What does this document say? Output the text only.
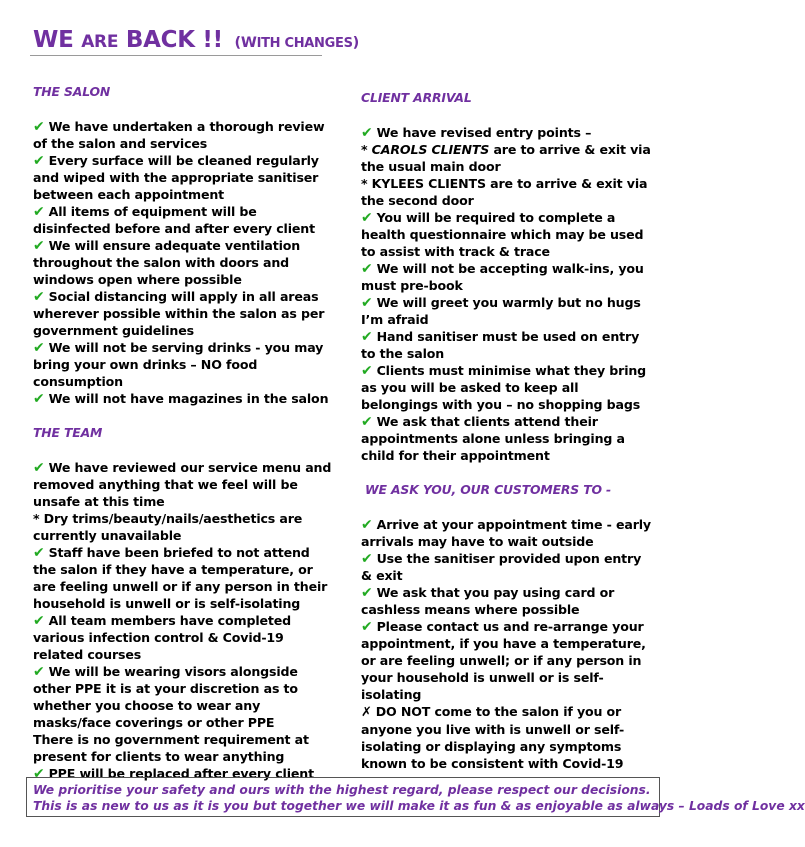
WE ARE BACK !! (WITH CHANGES)
THE SALON

✔ We have undertaken a thorough review of the salon and services

✔ Every surface will be cleaned regularly and wiped with the appropriate sanitiser between each appointment

✔ All items of equipment will be disinfected before and after every client

✔ We will ensure adequate ventilation throughout the salon with doors and windows open where possible

✔ Social distancing will apply in all areas wherever possible within the salon as per government guidelines

✔ We will not be serving drinks - you may bring your own drinks – NO food consumption

✔ We will not have magazines in the salon

THE TEAM

✔ We have reviewed our service menu and removed anything that we feel will be unsafe at this time

* Dry trims/beauty/nails/aesthetics are currently unavailable

✔ Staff have been briefed to not attend the salon if they have a temperature, or are feeling unwell or if any person in their household is unwell or is self-isolating

✔ All team members have completed various infection control & Covid-19 related courses

✔ We will be wearing visors alongside other PPE it is at your discretion as to whether you choose to wear any masks/face coverings or other PPE

There is no government requirement at present for clients to wear anything

✔ PPE will be replaced after every client

CLIENT ARRIVAL

✔ We have revised entry points –

* CAROLS CLIENTS are to arrive & exit via the usual main door

* KYLEES CLIENTS are to arrive & exit via the second door

✔ You will be required to complete a health questionnaire which may be used to assist with track & trace

✔ We will not be accepting walk-ins, you must pre-book

✔ We will greet you warmly but no hugs I’m afraid

✔ Hand sanitiser must be used on entry to the salon

✔ Clients must minimise what they bring as you will be asked to keep all belongings with you – no shopping bags

✔ We ask that clients attend their appointments alone unless bringing a child for their appointment

WE ASK YOU, OUR CUSTOMERS TO -

✔ Arrive at your appointment time - early arrivals may have to wait outside

✔ Use the sanitiser provided upon entry & exit

✔ We ask that you pay using card or cashless means where possible

✔ Please contact us and re-arrange your appointment, if you have a temperature, or are feeling unwell; or if any person in your household is unwell or is self-isolating

✗ DO NOT come to the salon if you or anyone you live with is unwell or self-isolating or displaying any symptoms known to be consistent with Covid-19

We prioritise your safety and ours with the highest regard, please respect our decisions.
This is as new to us as it is you but together we will make it as fun & as enjoyable as always – Loads of Love xx
